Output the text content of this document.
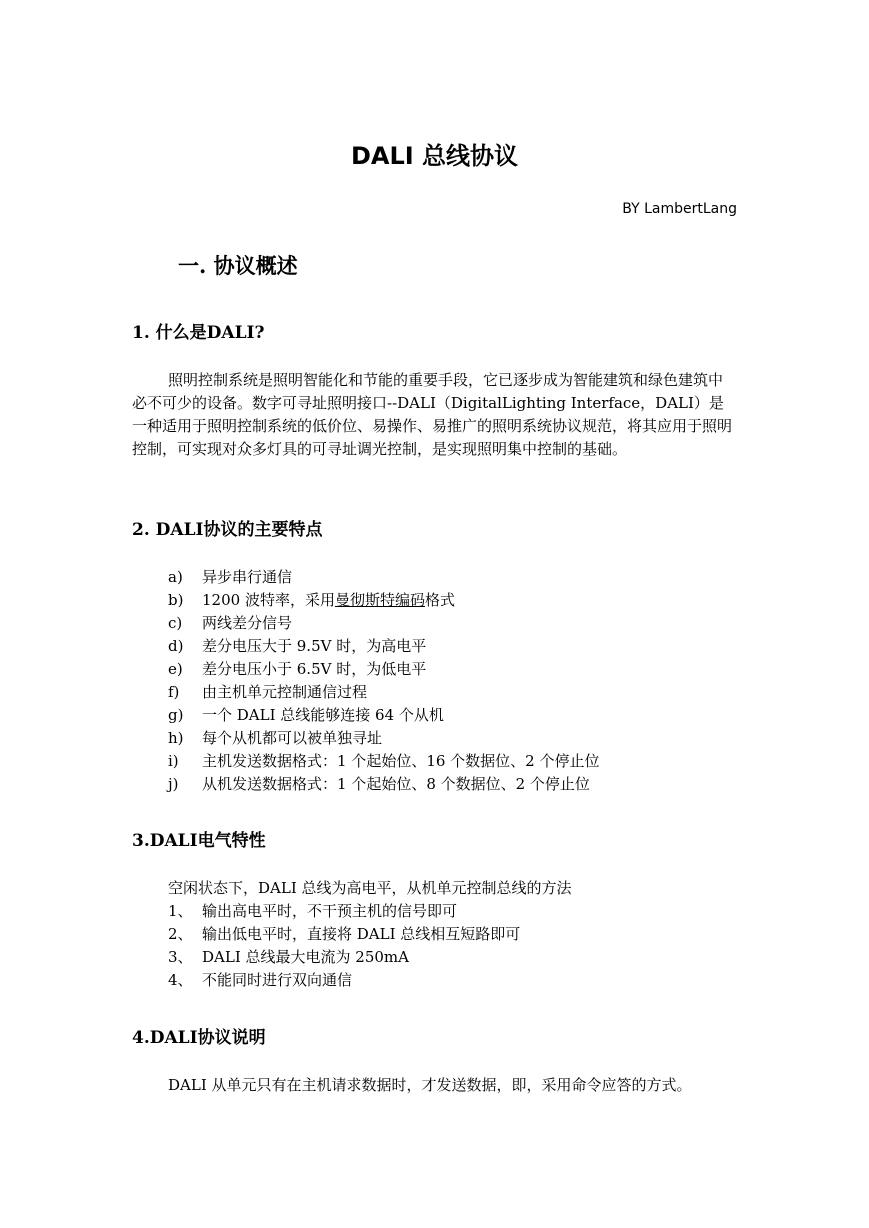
DALI 总线协议

BY LambertLang

一. 协议概述
1. 什么是DALI?

照明控制系统是照明智能化和节能的重要手段，它已逐步成为智能建筑和绿色建筑中必不可少的设备。数字可寻址照明接口--DALI（DigitalLighting Interface，DALI）是一种适用于照明控制系统的低价位、易操作、易推广的照明系统协议规范，将其应用于照明控制，可实现对众多灯具的可寻址调光控制，是实现照明集中控制的基础。

2. DALI协议的主要特点
a) 异步串行通信
b) 1200 波特率，采用曼彻斯特编码格式
c) 两线差分信号
d) 差分电压大于 9.5V 时，为高电平
e) 差分电压小于 6.5V 时，为低电平
f) 由主机单元控制通信过程
g) 一个 DALI 总线能够连接 64 个从机
h) 每个从机都可以被单独寻址
i) 主机发送数据格式：1 个起始位、16 个数据位、2 个停止位
j) 从机发送数据格式：1 个起始位、8 个数据位、2 个停止位
3.DALI电气特性

空闲状态下，DALI 总线为高电平，从机单元控制总线的方法

1、 输出高电平时，不干预主机的信号即可
2、 输出低电平时，直接将 DALI 总线相互短路即可
3、 DALI 总线最大电流为 250mA
4、 不能同时进行双向通信
4.DALI协议说明

DALI 从单元只有在主机请求数据时，才发送数据，即，采用命令应答的方式。
